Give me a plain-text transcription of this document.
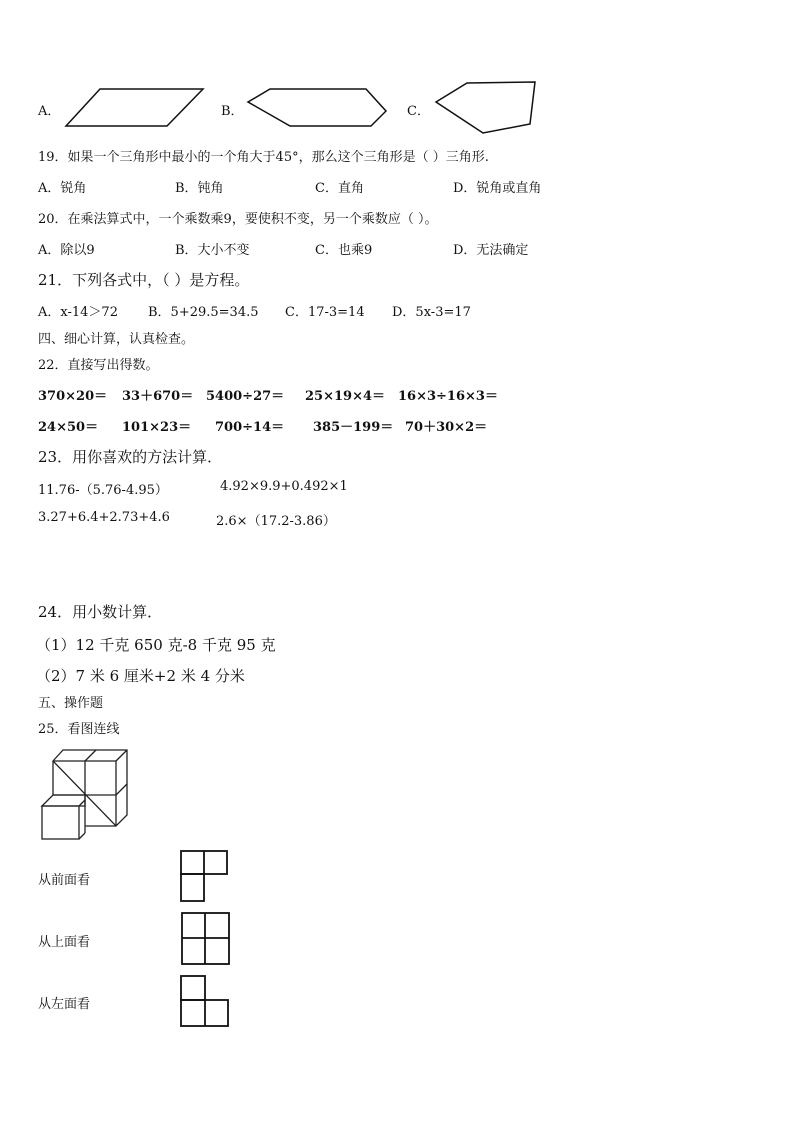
A．	B．	C．
19．如果一个三角形中最小的一个角大于45°，那么这个三角形是（ ）三角形.
A．锐角	B．钝角	C．直角	D．锐角或直角
20．在乘法算式中，一个乘数乘9，要使积不变，另一个乘数应（ ）。
A．除以9	B．大小不变	C．也乘9	D．无法确定
21．下列各式中，（ ）是方程。
A．x-14＞72 B．5+29.5=34.5 C．17-3=14 D．5x-3=17
四、细心计算，认真检查。
22．直接写出得数。
370×20＝ 33＋670＝ 5400÷27＝ 25×19×4＝ 16×3÷16×3＝
24×50＝ 101×23＝ 700÷14＝ 385－199＝ 70＋30×2＝
23．用你喜欢的方法计算．
11.76-（5.76-4.95）	4.92×9.9+0.492×1
3.27+6.4+2.73+4.6	2.6×（17.2-3.86）
24．用小数计算．
（1）12 千克 650 克-8 千克 95 克
（2）7 米 6 厘米+2 米 4 分米
五、操作题
25．看图连线
从前面看
从上面看
从左面看
